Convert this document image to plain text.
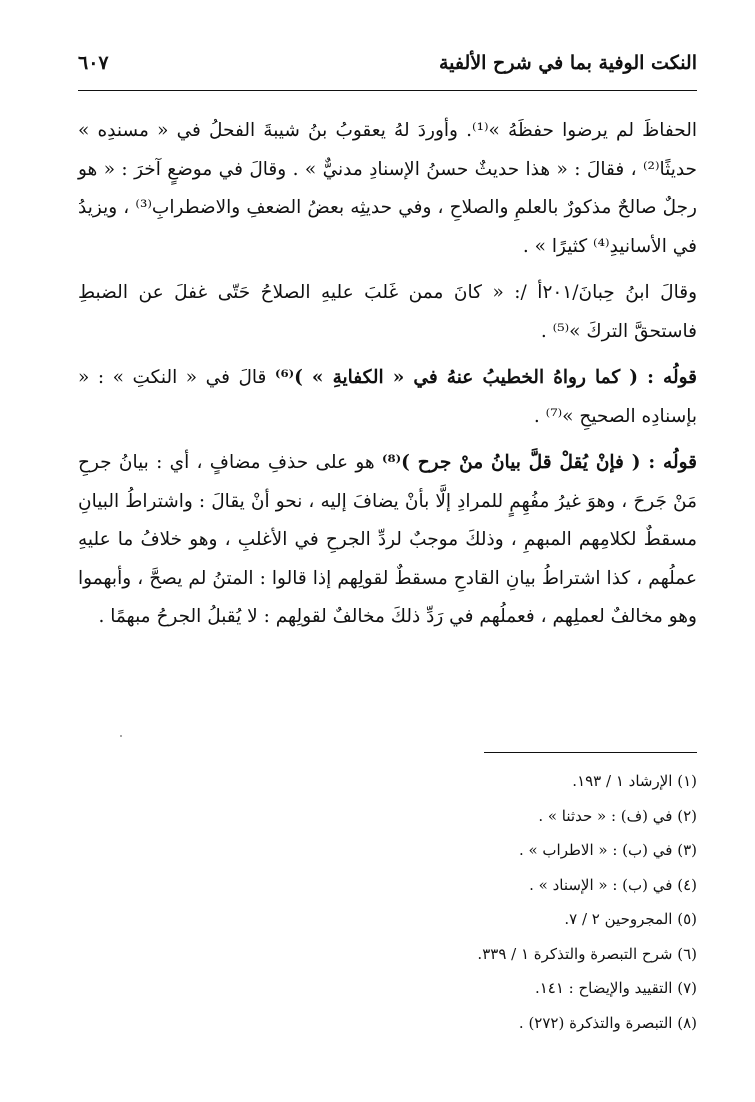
النكت الوفية بما في شرح الألفية
٦٠٧

الحفاظَ لم يرضوا حفظَهُ »⁽¹⁾. وأوردَ لهُ يعقوبُ بنُ شيبةَ الفحلُ في « مسندِه » حديثًا⁽²⁾ ، فقالَ : « هذا حديثٌ حسنُ الإسنادِ مدنيٌّ » . وقالَ في موضعٍ آخرَ : « هو رجلٌ صالحٌ مذكورٌ بالعلمِ والصلاحِ ، وفي حديثِه بعضُ الضعفِ والاضطرابِ⁽³⁾ ، ويزيدُ في الأسانيدِ⁽⁴⁾ كثيرًا » .

وقالَ ابنُ حِبانَ/٢٠١أ /: « كانَ ممن غَلبَ عليهِ الصلاحُ حَتّى غفلَ عن الضبطِ فاستحقَّ التركَ »⁽⁵⁾ .

قولُه : ( كما رواهُ الخطيبُ عنهُ في « الكفايةِ » )⁽⁶⁾ قالَ في « النكتِ » : « بإسنادِه الصحيحِ »⁽⁷⁾ .

قولُه : ( فإنْ يُقلْ قلَّ بيانُ منْ جرح )⁽⁸⁾ هو على حذفِ مضافٍ ، أي : بيانُ جرحِ مَنْ جَرحَ ، وهوَ غيرُ مفُهِمٍ للمرادِ إلَّا بأنْ يضافَ إليه ، نحو أنْ يقالَ : واشتراطُ البيانِ مسقطٌ لكلامِهم المبهمِ ، وذلكَ موجبٌ لردِّ الجرحِ في الأغلبِ ، وهو خلافُ ما عليهِ عملُهم ، كذا اشتراطُ بيانِ القادحِ مسقطٌ لقولِهم إذا قالوا : المتنُ لم يصحَّ ، وأبهموا وهو مخالفٌ لعملِهم ، فعملُهم في رَدِّ ذلكَ مخالفٌ لقولِهم : لا يُقبلُ الجرحُ مبهمًا .

(١) الإرشاد ١ / ١٩٣.
(٢) في (ف) : « حدثنا » .
(٣) في (ب) : « الاطراب » .
(٤) في (ب) : « الإسناد » .
(٥) المجروحين ٢ / ٧.
(٦) شرح التبصرة والتذكرة ١ / ٣٣٩.
(٧) التقييد والإيضاح : ١٤١.
(٨) التبصرة والتذكرة (٢٧٢) .
